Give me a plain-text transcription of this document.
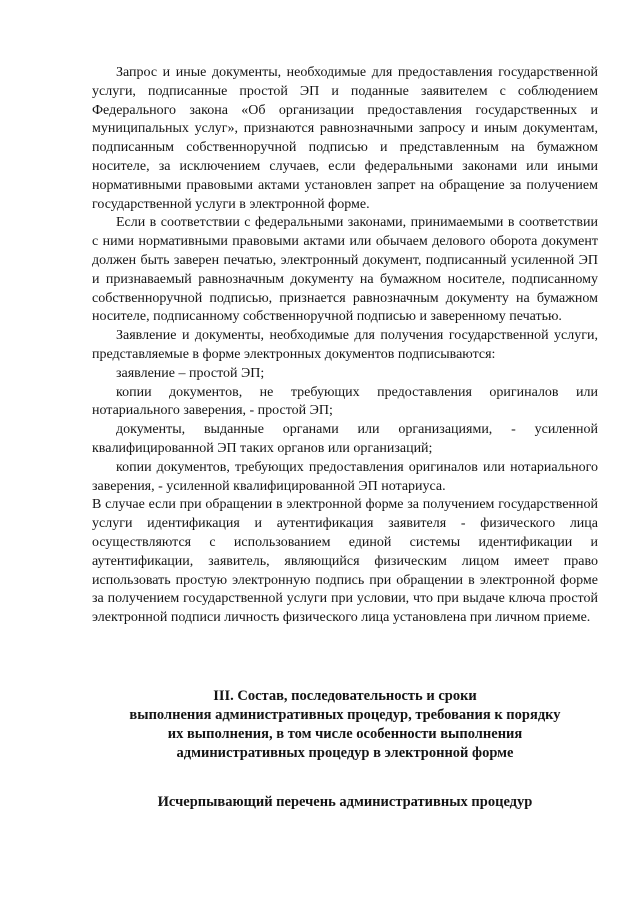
Запрос и иные документы, необходимые для предоставления государственной услуги, подписанные простой ЭП и поданные заявителем с соблюдением Федерального закона «Об организации предоставления государственных и муниципальных услуг», признаются равнозначными запросу и иным документам, подписанным собственноручной подписью и представленным на бумажном носителе, за исключением случаев, если федеральными законами или иными нормативными правовыми актами установлен запрет на обращение за получением государственной услуги в электронной форме.

Если в соответствии с федеральными законами, принимаемыми в соответствии с ними нормативными правовыми актами или обычаем делового оборота документ должен быть заверен печатью, электронный документ, подписанный усиленной ЭП и признаваемый равнозначным документу на бумажном носителе, подписанному собственноручной подписью, признается равнозначным документу на бумажном носителе, подписанному собственноручной подписью и заверенному печатью.

Заявление и документы, необходимые для получения государственной услуги, представляемые в форме электронных документов подписываются:

заявление – простой ЭП;

копии документов, не требующих предоставления оригиналов или нотариального заверения, - простой ЭП;

документы, выданные органами или организациями, - усиленной квалифицированной ЭП таких органов или организаций;

копии документов, требующих предоставления оригиналов или нотариального заверения, - усиленной квалифицированной ЭП нотариуса.

В случае если при обращении в электронной форме за получением государственной услуги идентификация и аутентификация заявителя - физического лица осуществляются с использованием единой системы идентификации и аутентификации, заявитель, являющийся физическим лицом имеет право использовать простую электронную подпись при обращении в электронной форме за получением государственной услуги при условии, что при выдаче ключа простой электронной подписи личность физического лица установлена при личном приеме.

III. Состав, последовательность и сроки
выполнения административных процедур, требования к порядку
их выполнения, в том числе особенности выполнения
административных процедур в электронной форме
Исчерпывающий перечень административных процедур
